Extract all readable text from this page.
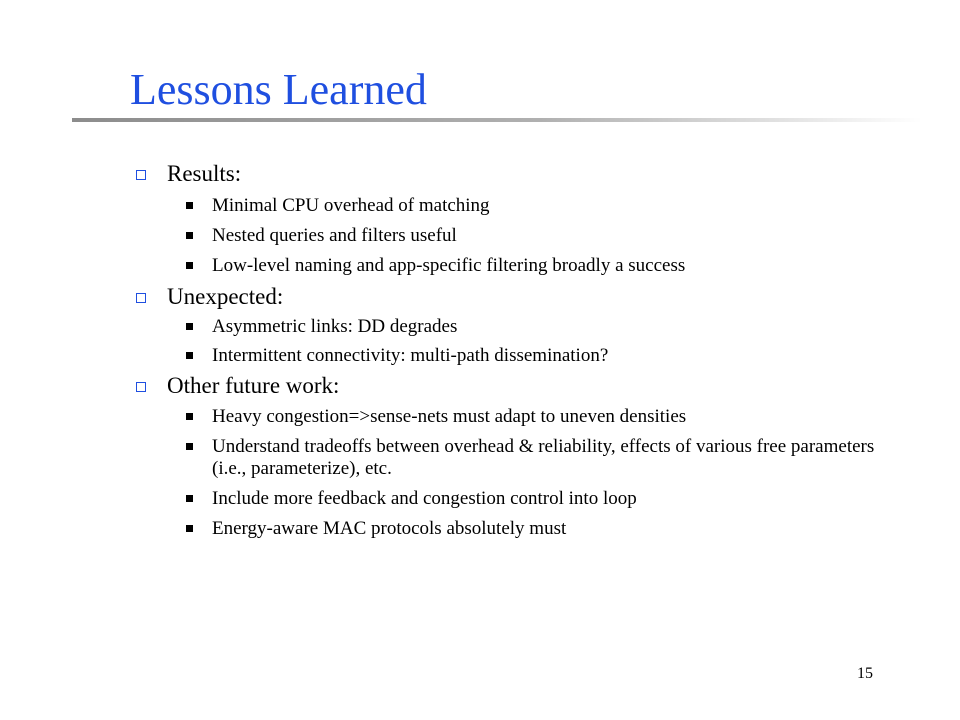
Lessons Learned
Results:
Minimal CPU overhead of matching
Nested queries and filters useful
Low-level naming and app-specific filtering broadly a success
Unexpected:
Asymmetric links: DD degrades
Intermittent connectivity: multi-path dissemination?
Other future work:
Heavy congestion=>sense-nets must adapt to uneven densities
Understand tradeoffs between overhead & reliability, effects of various free parameters (i.e., parameterize), etc.
Include more feedback and congestion control into loop
Energy-aware MAC protocols absolutely must
15
